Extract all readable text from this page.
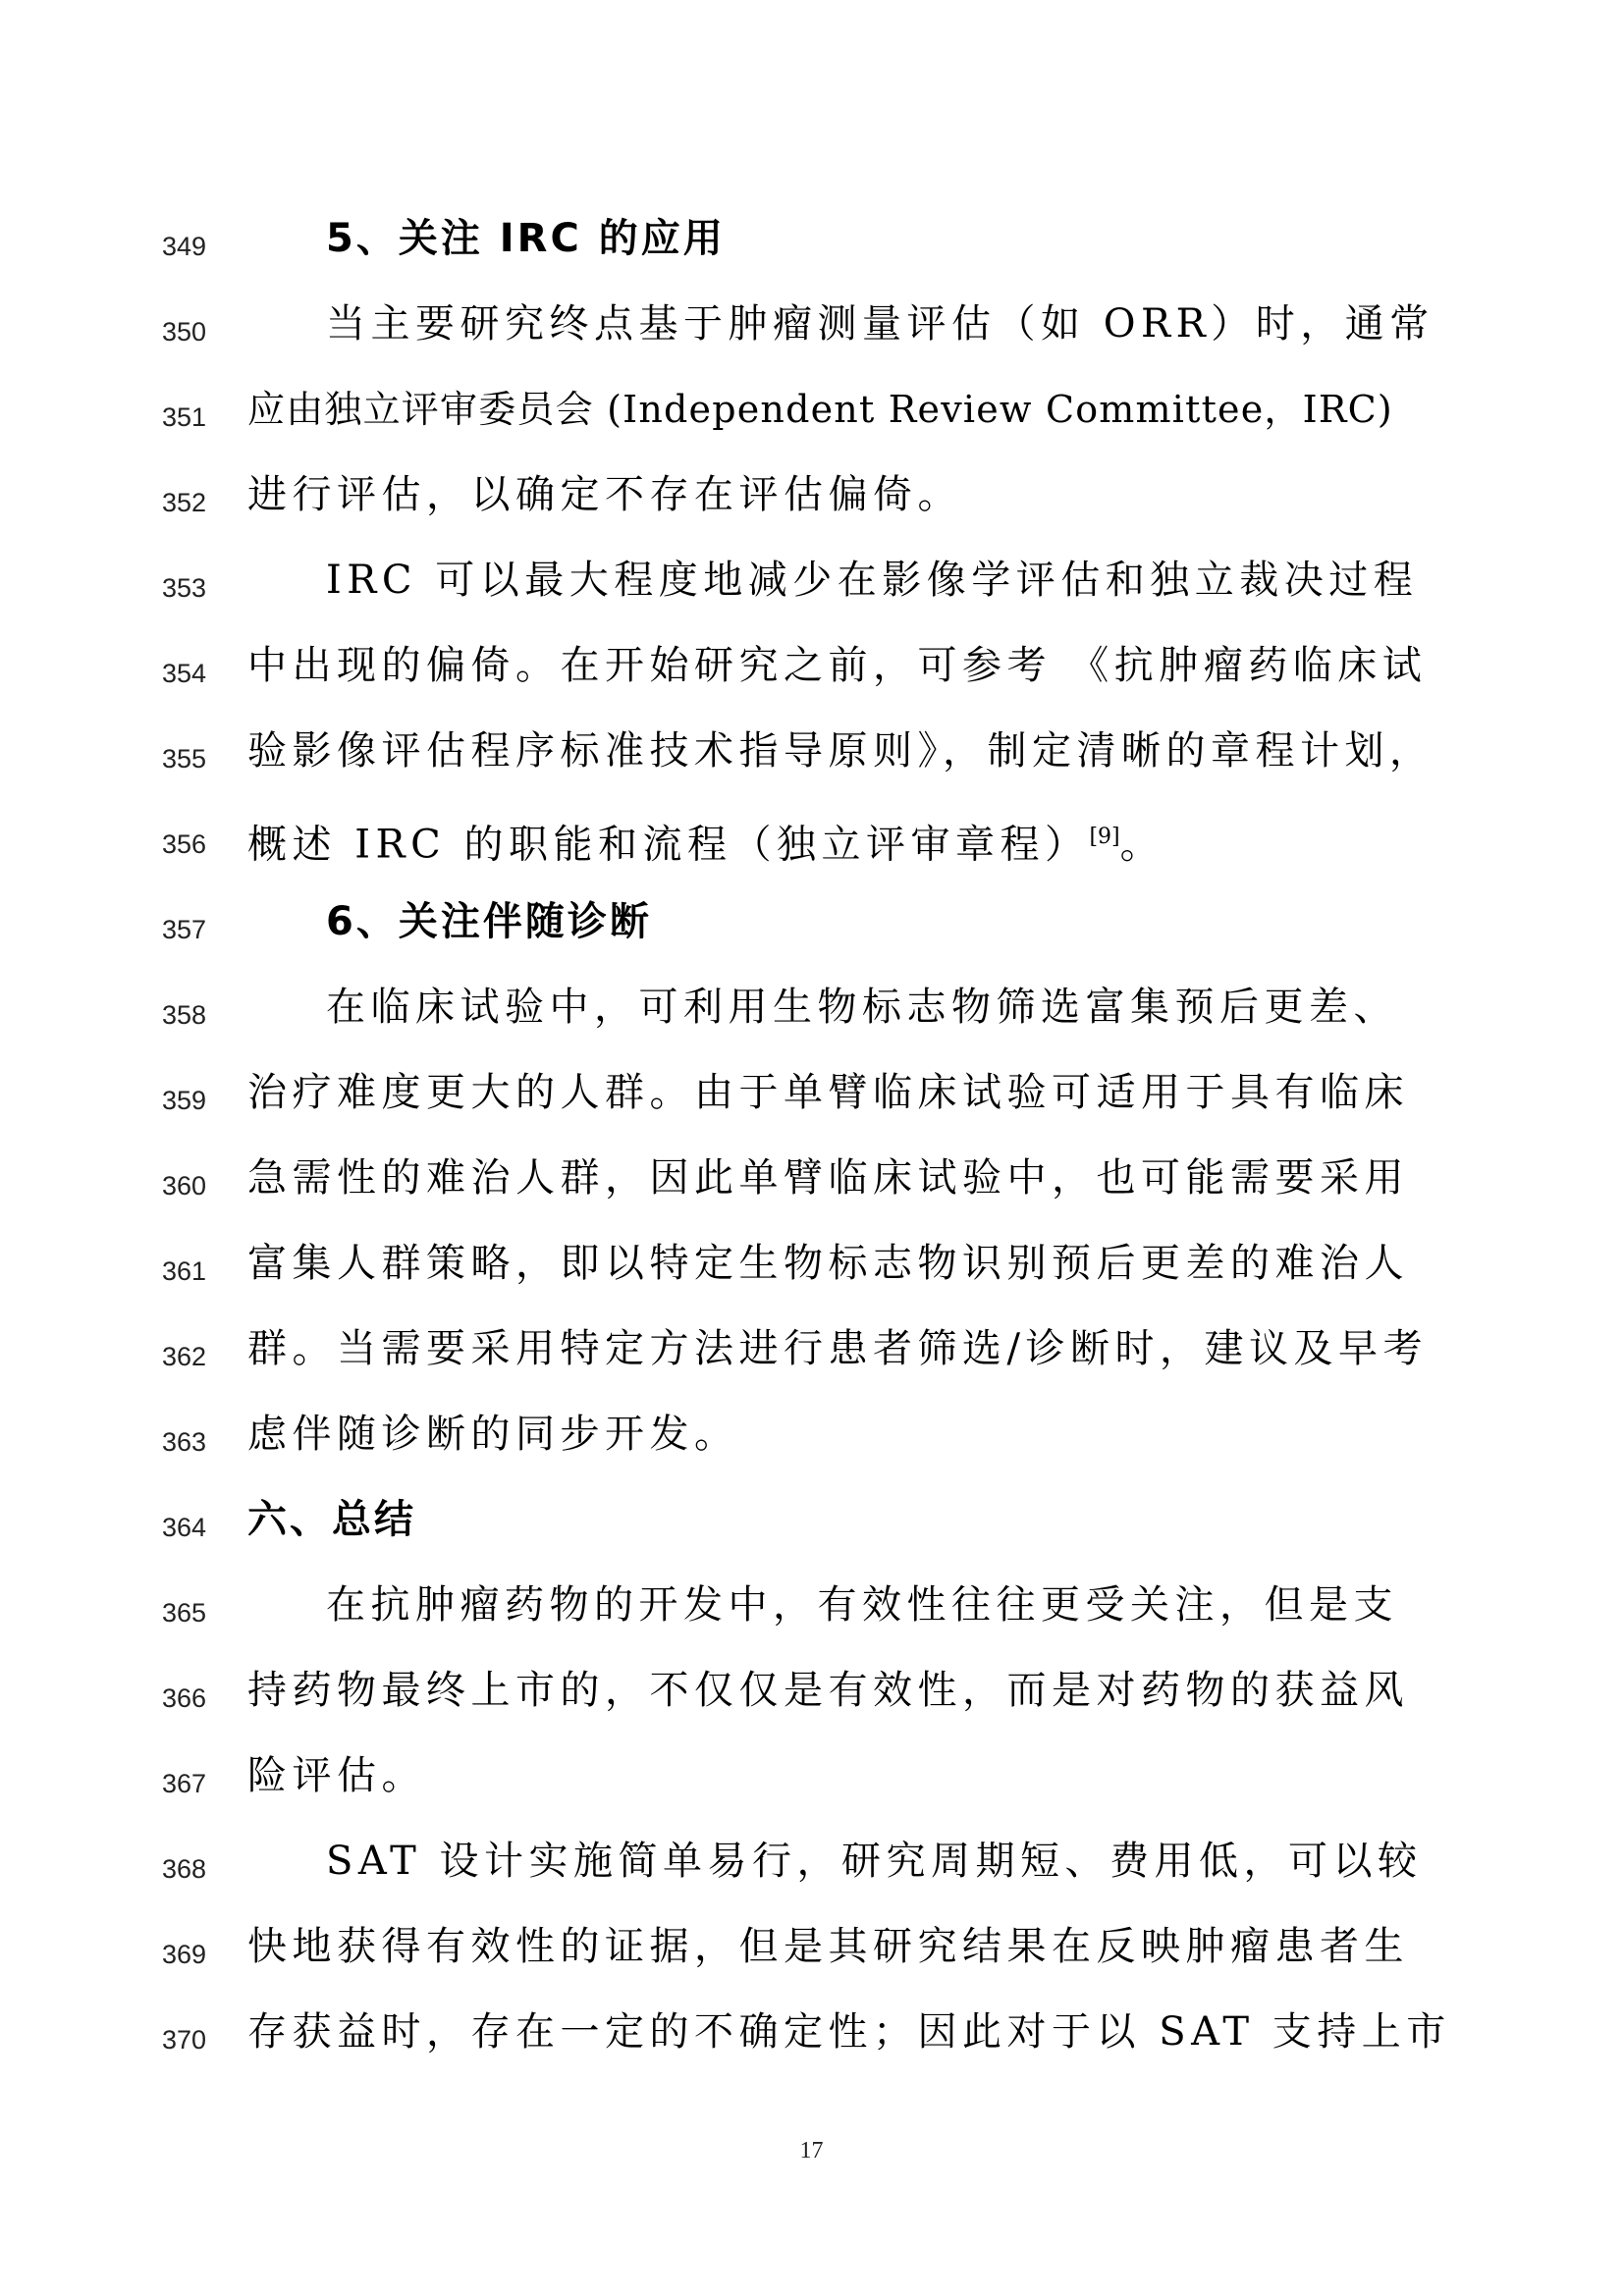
349	5、关注 IRC 的应用
350	当主要研究终点基于肿瘤测量评估（如 ORR）时，通常
351 应由独立评审委员会 (Independent Review Committee，IRC)
352 进行评估，以确定不存在评估偏倚。
353	IRC 可以最大程度地减少在影像学评估和独立裁决过程
354 中出现的偏倚。在开始研究之前，可参考 《抗肿瘤药临床试
355 验影像评估程序标准技术指导原则》，制定清晰的章程计划，
356 概述 IRC 的职能和流程（独立评审章程）[9]。
357	6、关注伴随诊断
358	在临床试验中，可利用生物标志物筛选富集预后更差、
359 治疗难度更大的人群。由于单臂临床试验可适用于具有临床
360 急需性的难治人群，因此单臂临床试验中，也可能需要采用
361 富集人群策略，即以特定生物标志物识别预后更差的难治人
362 群。当需要采用特定方法进行患者筛选/诊断时，建议及早考
363 虑伴随诊断的同步开发。
364 六、总结
365	在抗肿瘤药物的开发中，有效性往往更受关注，但是支
366 持药物最终上市的，不仅仅是有效性，而是对药物的获益风
367 险评估。
368	SAT 设计实施简单易行，研究周期短、费用低，可以较
369 快地获得有效性的证据，但是其研究结果在反映肿瘤患者生
370 存获益时，存在一定的不确定性；因此对于以 SAT 支持上市
17
